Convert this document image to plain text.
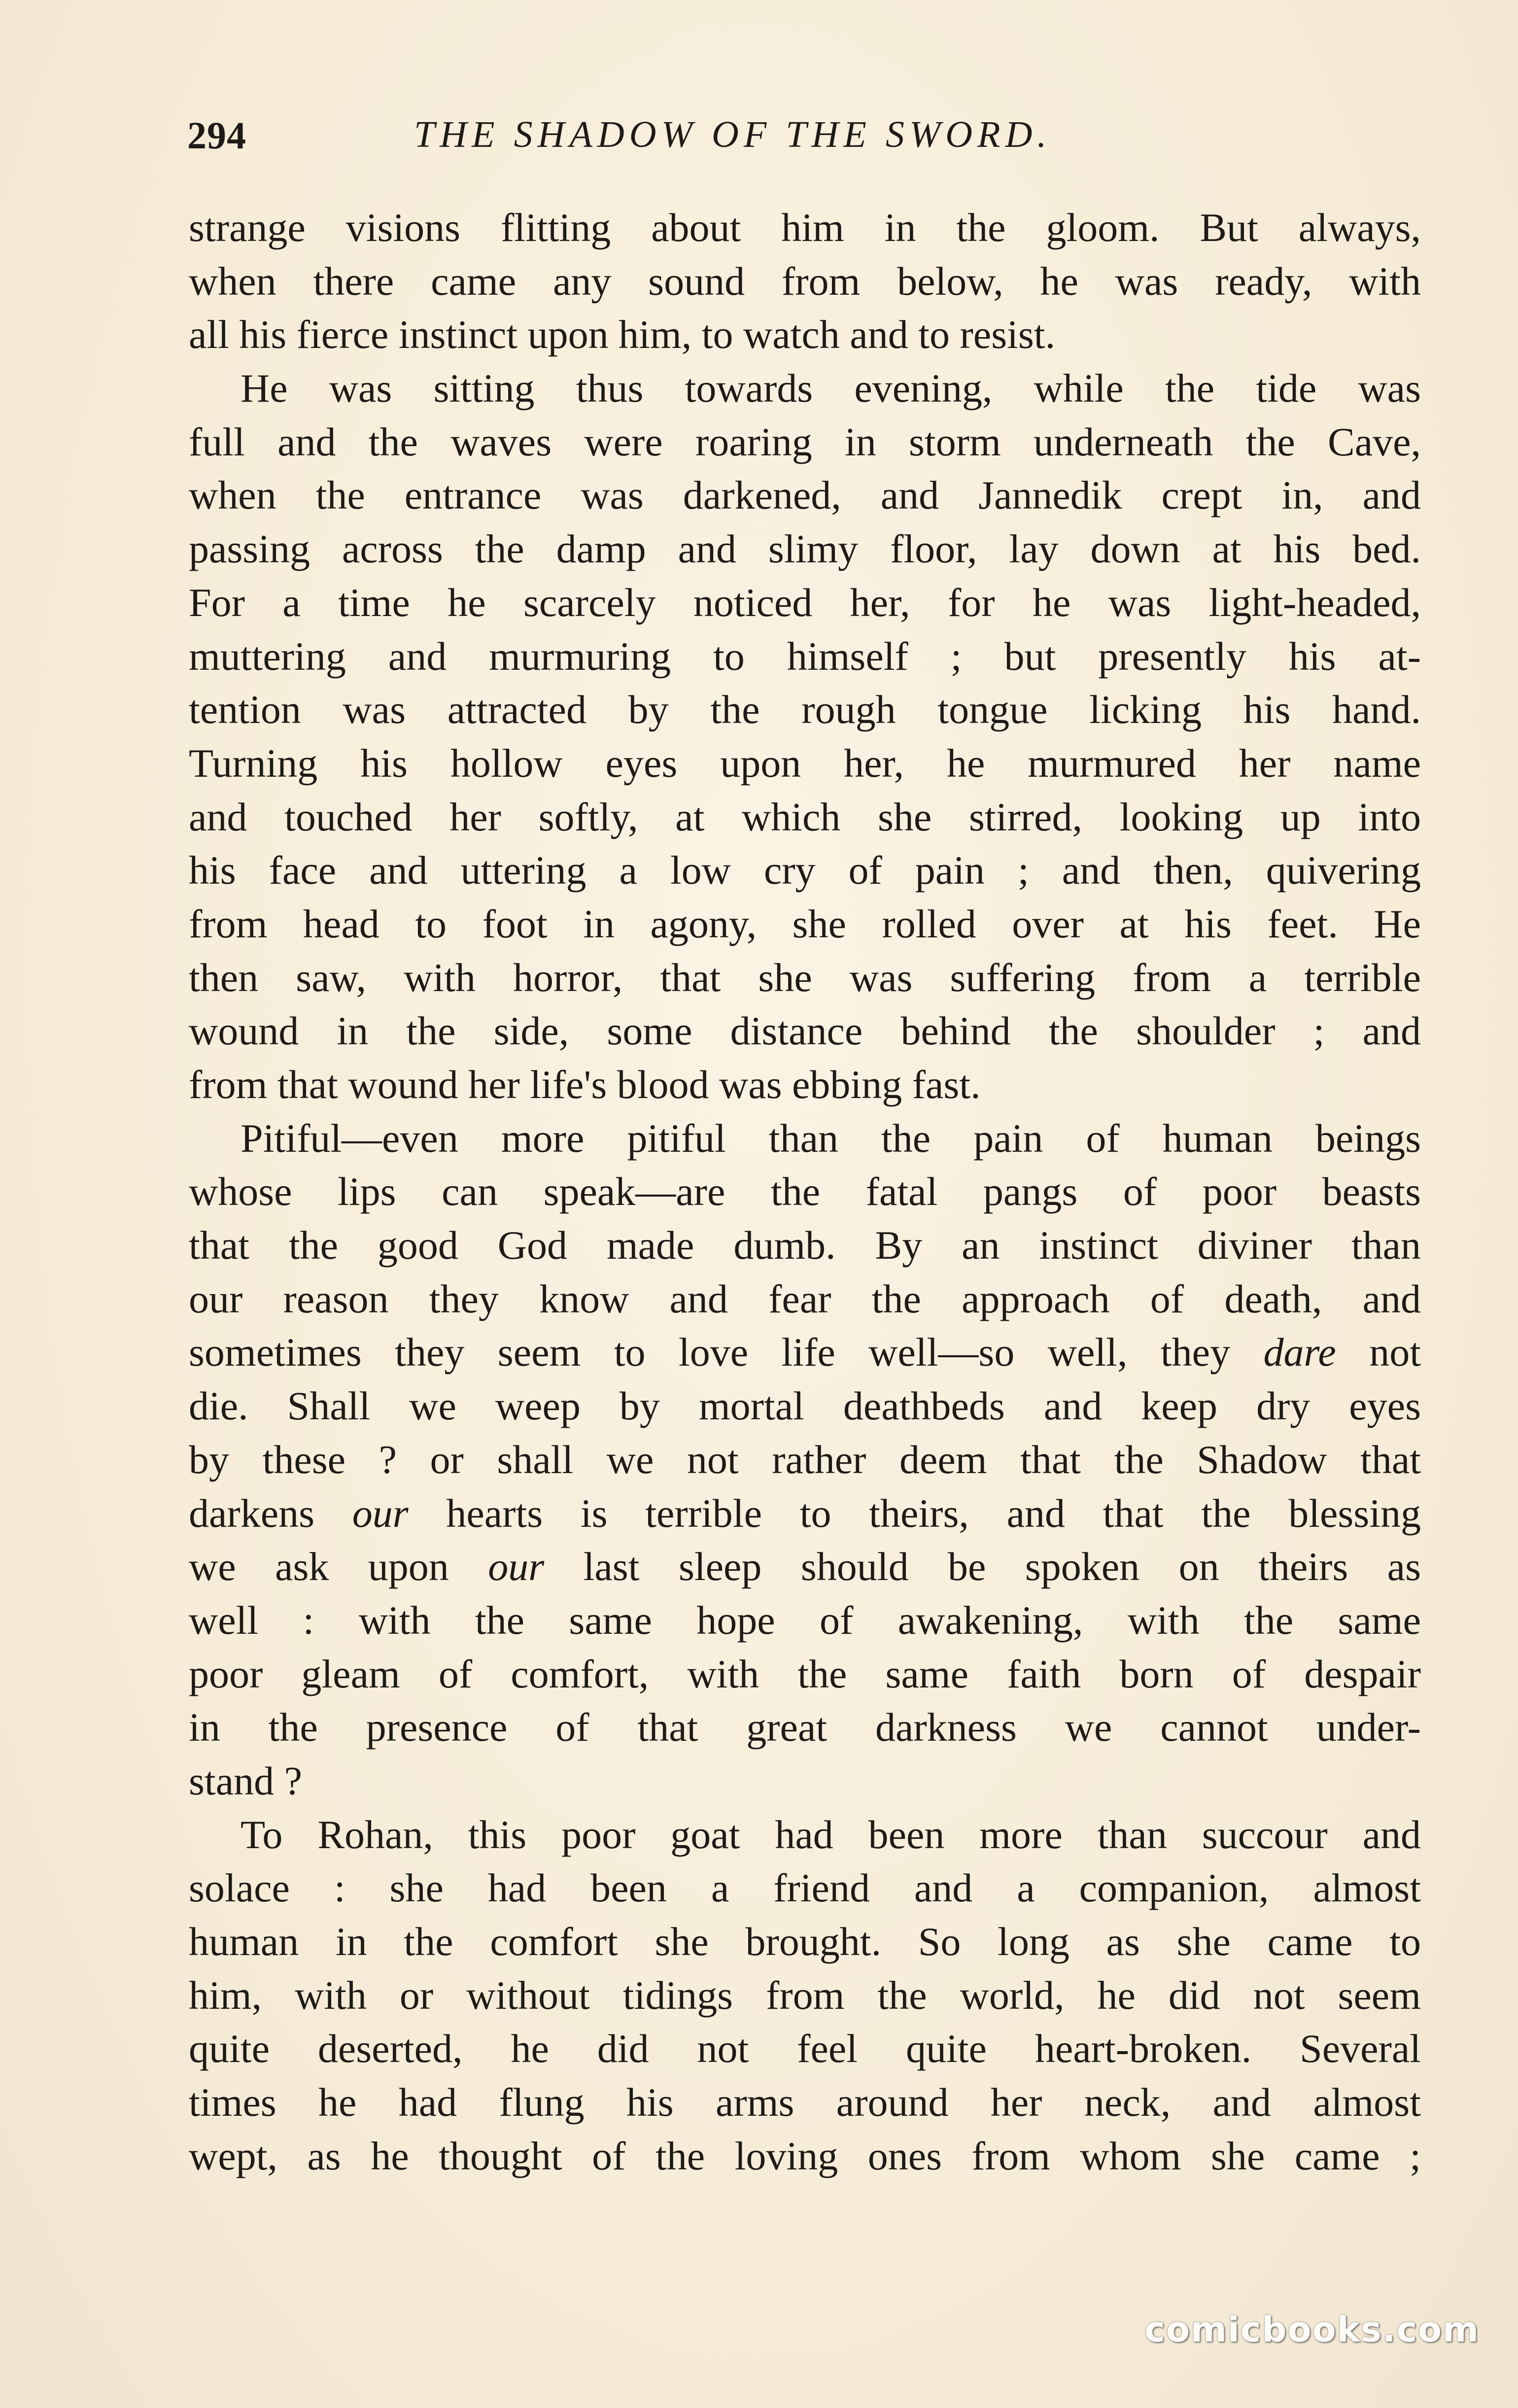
294	THE SHADOW OF THE SWORD.
strange visions flitting about him in the gloom. But always,
when there came any sound from below, he was ready, with
all his fierce instinct upon him, to watch and to resist.
He was sitting thus towards evening, while the tide was
full and the waves were roaring in storm underneath the Cave,
when the entrance was darkened, and Jannedik crept in, and
passing across the damp and slimy floor, lay down at his bed.
For a time he scarcely noticed her, for he was light-headed,
muttering and murmuring to himself ; but presently his at-
tention was attracted by the rough tongue licking his hand.
Turning his hollow eyes upon her, he murmured her name
and touched her softly, at which she stirred, looking up into
his face and uttering a low cry of pain ; and then, quivering
from head to foot in agony, she rolled over at his feet. He
then saw, with horror, that she was suffering from a terrible
wound in the side, some distance behind the shoulder ; and
from that wound her life's blood was ebbing fast.
Pitiful—even more pitiful than the pain of human beings
whose lips can speak—are the fatal pangs of poor beasts
that the good God made dumb. By an instinct diviner than
our reason they know and fear the approach of death, and
sometimes they seem to love life well—so well, they dare not
die. Shall we weep by mortal deathbeds and keep dry eyes
by these ? or shall we not rather deem that the Shadow that
darkens our hearts is terrible to theirs, and that the blessing
we ask upon our last sleep should be spoken on theirs as
well : with the same hope of awakening, with the same
poor gleam of comfort, with the same faith born of despair
in the presence of that great darkness we cannot under-
stand ?
To Rohan, this poor goat had been more than succour and
solace : she had been a friend and a companion, almost
human in the comfort she brought. So long as she came to
him, with or without tidings from the world, he did not seem
quite deserted, he did not feel quite heart-broken. Several
times he had flung his arms around her neck, and almost
wept, as he thought of the loving ones from whom she came ;
comicbooks.com
